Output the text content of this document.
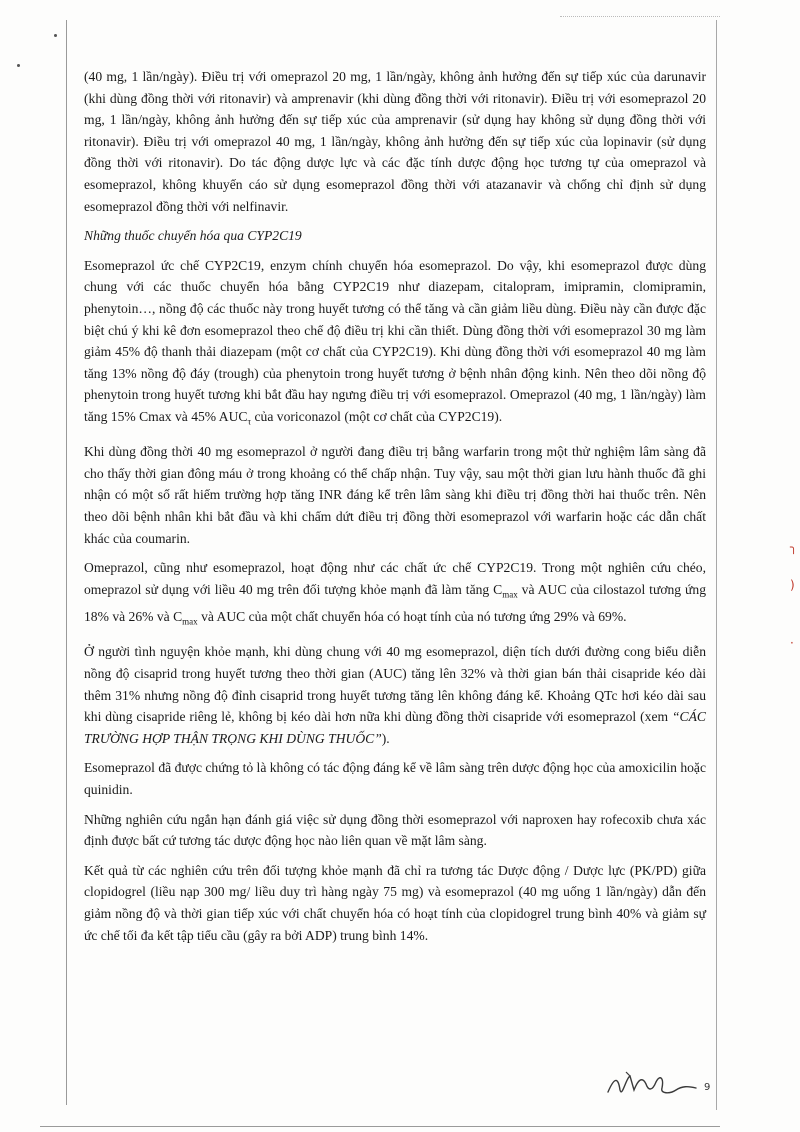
╮
)
·

(40 mg, 1 lần/ngày). Điều trị với omeprazol 20 mg, 1 lần/ngày, không ảnh hưởng đến sự tiếp xúc của darunavir (khi dùng đồng thời với ritonavir) và amprenavir (khi dùng đồng thời với ritonavir). Điều trị với esomeprazol 20 mg, 1 lần/ngày, không ảnh hưởng đến sự tiếp xúc của amprenavir (sử dụng hay không sử dụng đồng thời với ritonavir). Điều trị với omeprazol 40 mg, 1 lần/ngày, không ảnh hưởng đến sự tiếp xúc của lopinavir (sử dụng đồng thời với ritonavir). Do tác động dược lực và các đặc tính dược động học tương tự của omeprazol và esomeprazol, không khuyến cáo sử dụng esomeprazol đồng thời với atazanavir và chống chỉ định sử dụng esomeprazol đồng thời với nelfinavir.

Những thuốc chuyển hóa qua CYP2C19

Esomeprazol ức chế CYP2C19, enzym chính chuyển hóa esomeprazol. Do vậy, khi esomeprazol được dùng chung với các thuốc chuyển hóa bằng CYP2C19 như diazepam, citalopram, imipramin, clomipramin, phenytoin…, nồng độ các thuốc này trong huyết tương có thể tăng và cần giảm liều dùng. Điều này cần được đặc biệt chú ý khi kê đơn esomeprazol theo chế độ điều trị khi cần thiết. Dùng đồng thời với esomeprazol 30 mg làm giảm 45% độ thanh thải diazepam (một cơ chất của CYP2C19). Khi dùng đồng thời với esomeprazol 40 mg làm tăng 13% nồng độ đáy (trough) của phenytoin trong huyết tương ở bệnh nhân động kinh. Nên theo dõi nồng độ phenytoin trong huyết tương khi bắt đầu hay ngưng điều trị với esomeprazol. Omeprazol (40 mg, 1 lần/ngày) làm tăng 15% Cmax và 45% $AUC_\tau$ của voriconazol (một cơ chất của CYP2C19).

Khi dùng đồng thời 40 mg esomeprazol ở người đang điều trị bằng warfarin trong một thử nghiệm lâm sàng đã cho thấy thời gian đông máu ở trong khoảng có thể chấp nhận. Tuy vậy, sau một thời gian lưu hành thuốc đã ghi nhận có một số rất hiếm trường hợp tăng INR đáng kể trên lâm sàng khi điều trị đồng thời hai thuốc trên. Nên theo dõi bệnh nhân khi bắt đầu và khi chấm dứt điều trị đồng thời esomeprazol với warfarin hoặc các dẫn chất khác của coumarin.

Omeprazol, cũng như esomeprazol, hoạt động như các chất ức chế CYP2C19. Trong một nghiên cứu chéo, omeprazol sử dụng với liều 40 mg trên đối tượng khỏe mạnh đã làm tăng $C_{max}$ và AUC của cilostazol tương ứng 18% và 26% và $C_{max}$ và AUC của một chất chuyển hóa có hoạt tính của nó tương ứng 29% và 69%.

Ở người tình nguyện khỏe mạnh, khi dùng chung với 40 mg esomeprazol, diện tích dưới đường cong biểu diễn nồng độ cisaprid trong huyết tương theo thời gian (AUC) tăng lên 32% và thời gian bán thải cisapride kéo dài thêm 31% nhưng nồng độ đỉnh cisaprid trong huyết tương tăng lên không đáng kể. Khoảng QTc hơi kéo dài sau khi dùng cisapride riêng lẻ, không bị kéo dài hơn nữa khi dùng đồng thời cisapride với esomeprazol (xem “CÁC TRƯỜNG HỢP THẬN TRỌNG KHI DÙNG THUỐC”).

Esomeprazol đã được chứng tỏ là không có tác động đáng kể về lâm sàng trên dược động học của amoxicilin hoặc quinidin.

Những nghiên cứu ngắn hạn đánh giá việc sử dụng đồng thời esomeprazol với naproxen hay rofecoxib chưa xác định được bất cứ tương tác dược động học nào liên quan về mặt lâm sàng.

Kết quả từ các nghiên cứu trên đối tượng khỏe mạnh đã chỉ ra tương tác Dược động / Dược lực (PK/PD) giữa clopidogrel (liều nạp 300 mg/ liều duy trì hàng ngày 75 mg) và esomeprazol (40 mg uống 1 lần/ngày) dẫn đến giảm nồng độ và thời gian tiếp xúc với chất chuyển hóa có hoạt tính của clopidogrel trung bình 40% và giảm sự ức chế tối đa kết tập tiểu cầu (gây ra bởi ADP) trung bình 14%.

9
